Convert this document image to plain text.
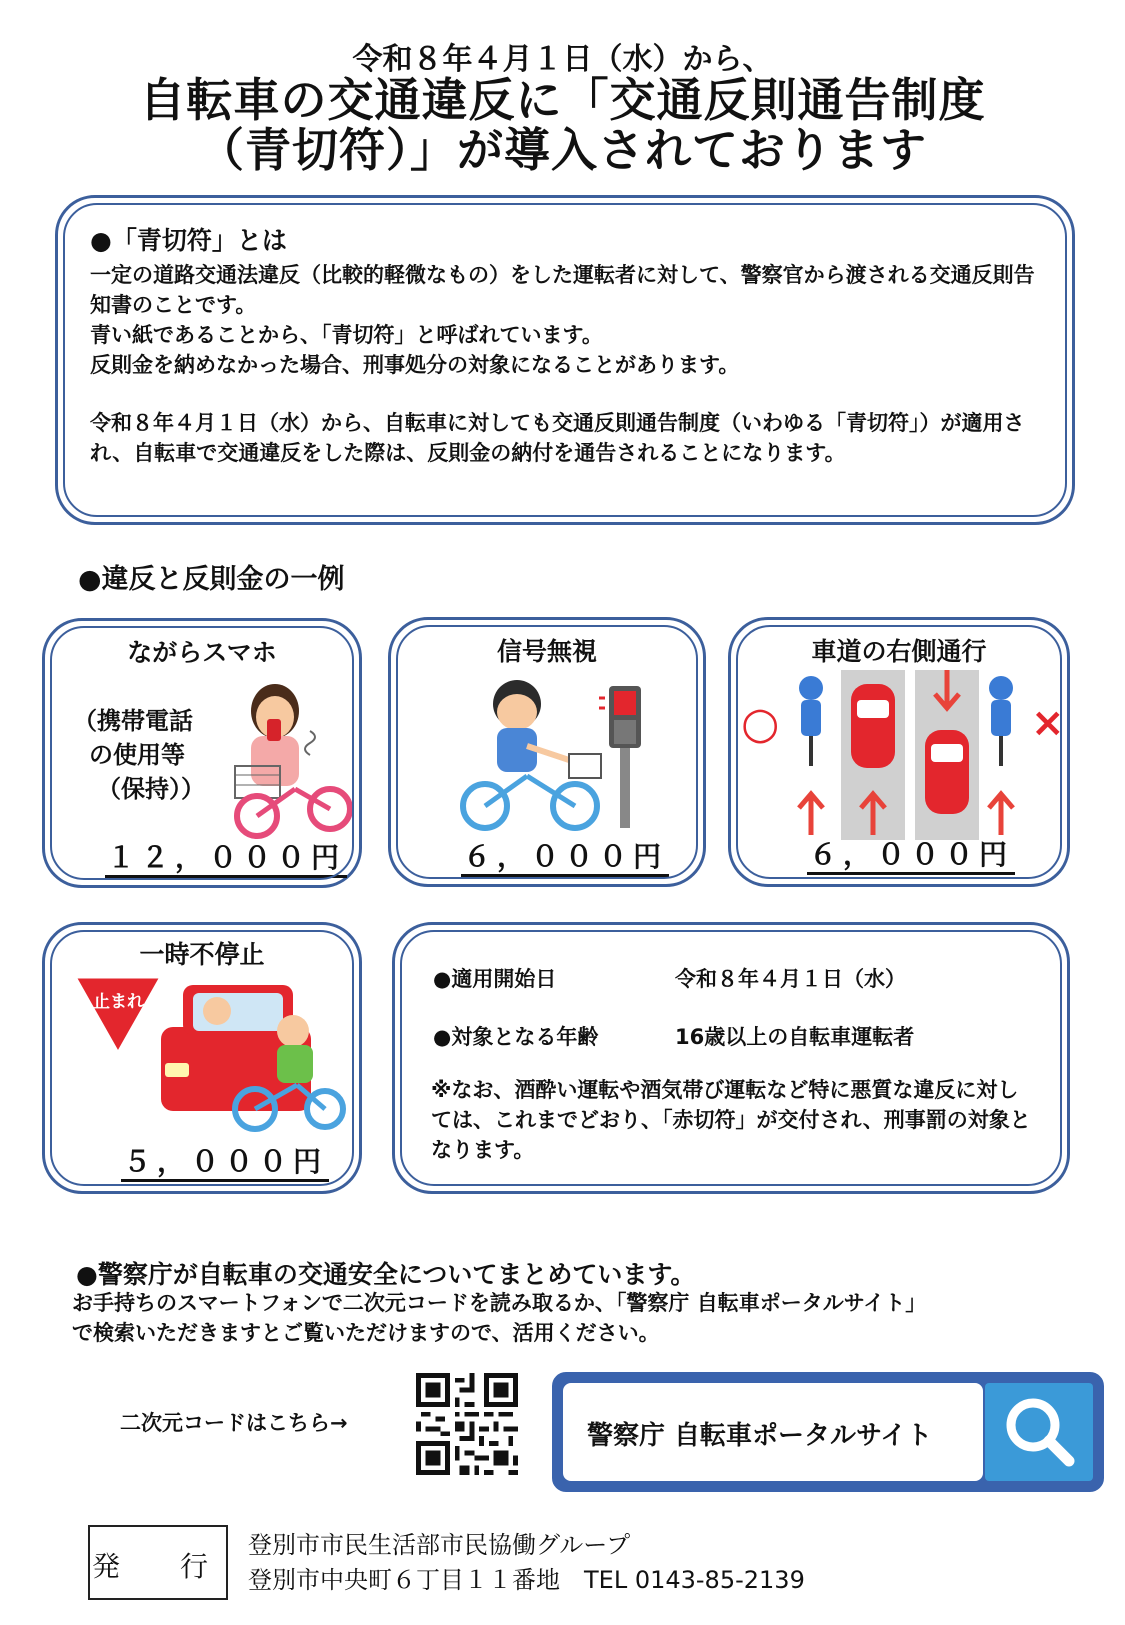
令和８年４月１日（水）から、
自転車の交通違反に「交通反則通告制度
（青切符）」が導入されております

●「青切符」とは

一定の道路交通法違反（比較的軽微なもの）をした運転者に対して、警察官から渡される交通反則告知書のことです。

青い紙であることから、「青切符」と呼ばれています。

反則金を納めなかった場合、刑事処分の対象になることがあります。

令和８年４月１日（水）から、自転車に対しても交通反則通告制度（いわゆる「青切符」）が適用され、自転車で交通違反をした際は、反則金の納付を通告されることになります。

●違反と反則金の一例
ながらスマホ
（携帯電話
の使用等
（保持））
１２，０００円
信号無視
６，０００円
車道の右側通行
○	×
６，０００円
一時不停止
止まれ
５，０００円
●適用開始日	令和８年４月１日（水）
●対象となる年齢	16歳以上の自転車運転者
※なお、酒酔い運転や酒気帯び運転など特に悪質な違反に対しては、これまでどおり、「赤切符」が交付され、刑事罰の対象となります。
●警察庁が自転車の交通安全についてまとめています。
お手持ちのスマートフォンで二次元コードを読み取るか、「警察庁 自転車ポータルサイト」
で検索いただきますとご覧いただけますので、活用ください。
二次元コードはこちら→	警察庁 自転車ポータルサイト
発　行
登別市市民生活部市民協働グループ
登別市中央町６丁目１１番地　TEL 0143-85-2139
